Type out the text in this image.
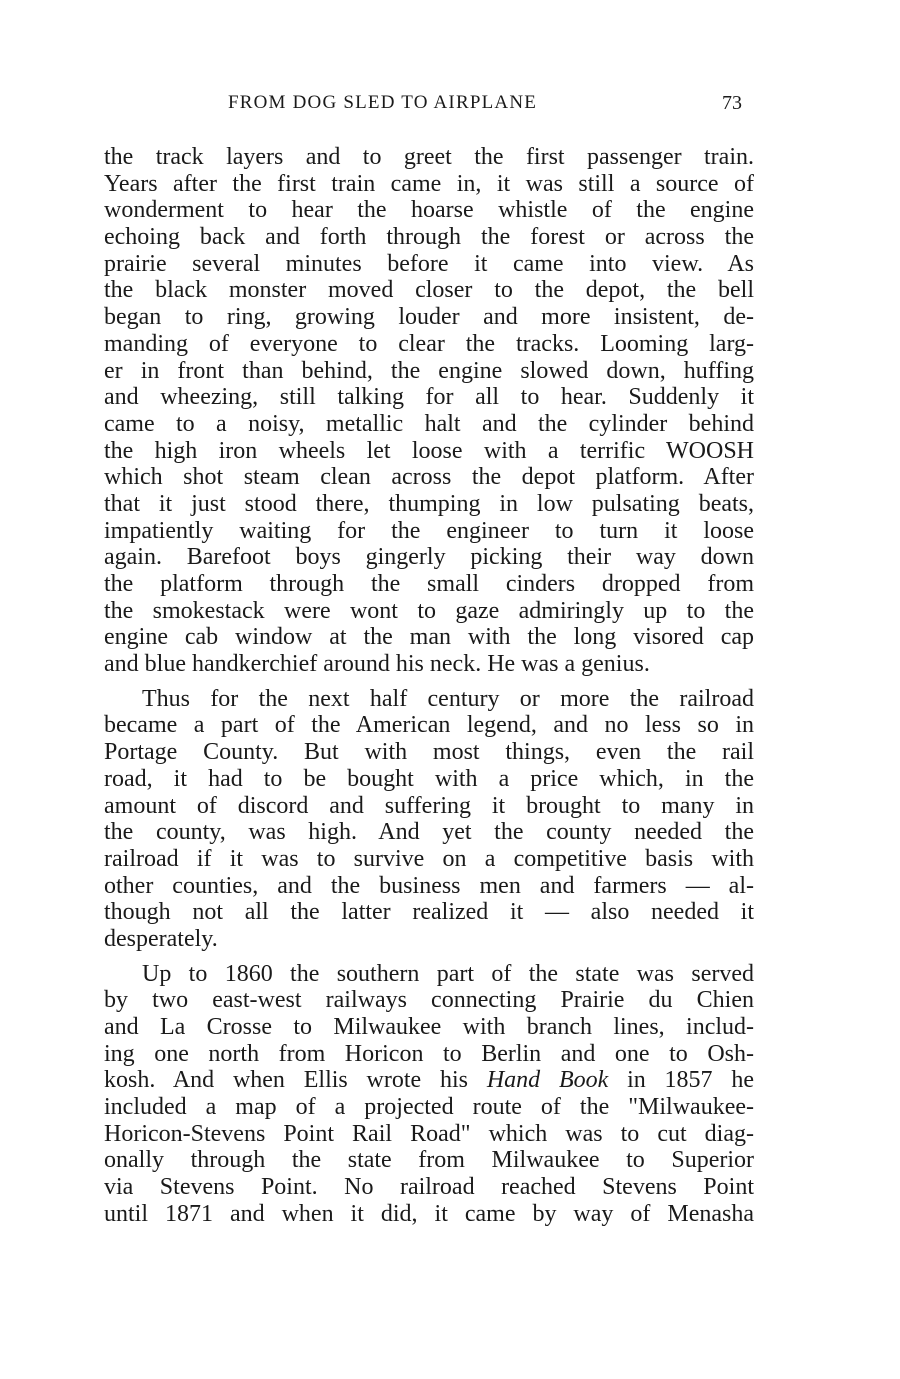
FROM DOG SLED TO AIRPLANE	73
the track layers and to greet the first passenger train.
Years after the first train came in, it was still a source of
wonderment to hear the hoarse whistle of the engine
echoing back and forth through the forest or across the
prairie several minutes before it came into view. As
the black monster moved closer to the depot, the bell
began to ring, growing louder and more insistent, de-
manding of everyone to clear the tracks. Looming larg-
er in front than behind, the engine slowed down, huffing
and wheezing, still talking for all to hear. Suddenly it
came to a noisy, metallic halt and the cylinder behind
the high iron wheels let loose with a terrific WOOSH
which shot steam clean across the depot platform. After
that it just stood there, thumping in low pulsating beats,
impatiently waiting for the engineer to turn it loose
again. Barefoot boys gingerly picking their way down
the platform through the small cinders dropped from
the smokestack were wont to gaze admiringly up to the
engine cab window at the man with the long visored cap
and blue handkerchief around his neck. He was a genius.
Thus for the next half century or more the railroad
became a part of the American legend, and no less so in
Portage County. But with most things, even the rail
road, it had to be bought with a price which, in the
amount of discord and suffering it brought to many in
the county, was high. And yet the county needed the
railroad if it was to survive on a competitive basis with
other counties, and the business men and farmers — al-
though not all the latter realized it — also needed it
desperately.
Up to 1860 the southern part of the state was served
by two east-west railways connecting Prairie du Chien
and La Crosse to Milwaukee with branch lines, includ-
ing one north from Horicon to Berlin and one to Osh-
kosh. And when Ellis wrote his Hand Book in 1857 he
included a map of a projected route of the "Milwaukee-
Horicon-Stevens Point Rail Road" which was to cut diag-
onally through the state from Milwaukee to Superior
via Stevens Point. No railroad reached Stevens Point
until 1871 and when it did, it came by way of Menasha
